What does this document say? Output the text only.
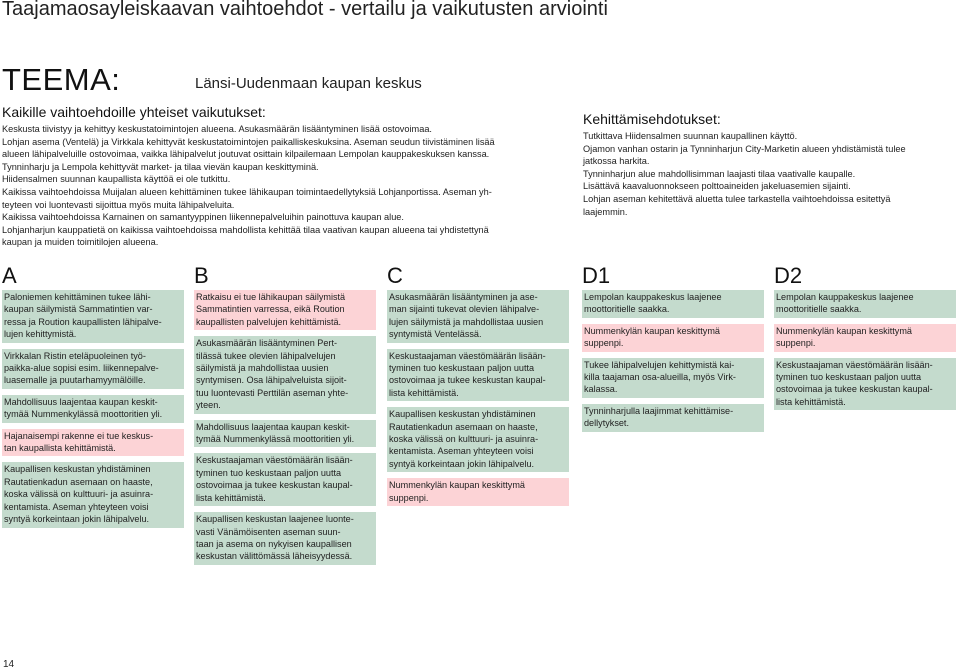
Taajamaosayleiskaavan vaihtoehdot - vertailu ja vaikutusten arviointi
TEEMA:	Länsi-Uudenmaan kaupan keskus
Kaikille vaihtoehdoille yhteiset vaikutukset:
Keskusta tiivistyy ja kehittyy keskustatoimintojen alueena. Asukasmäärän lisääntyminen lisää ostovoimaa.
Lohjan asema (Ventelä) ja Virkkala kehittyvät keskustatoimintojen paikalliskeskuksina. Aseman seudun tiivistäminen lisää
alueen lähipalveluille ostovoimaa, vaikka lähipalvelut joutuvat osittain kilpailemaan Lempolan kauppakeskuksen kanssa.
Tynninharju ja Lempola kehittyvät market- ja tilaa vievän kaupan keskittyminä.
Hiidensalmen suunnan kaupallista käyttöä ei ole tutkittu.
Kaikissa vaihtoehdoissa Muijalan alueen kehittäminen tukee lähikaupan toimintaedellytyksiä Lohjanportissa. Aseman yh-
teyteen voi luontevasti sijoittua myös muita lähipalveluita.
Kaikissa vaihtoehdoissa Karnainen on samantyyppinen liikennepalveluihin painottuva kaupan alue.
Lohjanharjun kauppatietä on kaikissa vaihtoehdoissa mahdollista kehittää tilaa vaativan kaupan alueena tai yhdistettynä
kaupan ja muiden toimitilojen alueena.
Kehittämisehdotukset:
Tutkittava Hiidensalmen suunnan kaupallinen käyttö.
Ojamon vanhan ostarin ja Tynninharjun City-Marketin alueen yhdistämistä tulee
jatkossa harkita.
Tynninharjun alue mahdollisimman laajasti tilaa vaativalle kaupalle.
Lisättävä kaavaluonnokseen polttoaineiden jakeluasemien sijainti.
Lohjan aseman kehitettävä aluetta tulee tarkastella vaihtoehdoissa esitettyä
laajemmin.
A
Paloniemen kehittäminen tukee lähi-
kaupan säilymistä Sammatintien var-
ressa ja Roution kaupallisten lähipalve-
lujen kehittymistä.
Virkkalan Ristin eteläpuoleinen työ-
paikka-alue sopisi esim. liikennepalve-
luasemalle ja puutarhamyymälöille.
Mahdollisuus laajentaa kaupan keskit-
tymää Nummenkylässä moottoritien yli.
Hajanaisempi rakenne ei tue keskus-
tan kaupallista kehittämistä.
Kaupallisen keskustan yhdistäminen
Rautatienkadun asemaan on haaste,
koska välissä on kulttuuri- ja asuinra-
kentamista. Aseman yhteyteen voisi
syntyä korkeintaan jokin lähipalvelu.
B
Ratkaisu ei tue lähikaupan säilymistä
Sammatintien varressa, eikä Roution
kaupallisten palvelujen kehittämistä.
Asukasmäärän lisääntyminen Pert-
tilässä tukee olevien lähipalvelujen
säilymistä ja mahdollistaa uusien
syntymisen. Osa lähipalveluista sijoit-
tuu luontevasti Perttilän aseman yhte-
yteen.
Mahdollisuus laajentaa kaupan keskit-
tymää Nummenkylässä moottoritien yli.
Keskustaajaman väestömäärän lisään-
tyminen tuo keskustaan paljon uutta
ostovoimaa ja tukee keskustan kaupal-
lista kehittämistä.
Kaupallisen keskustan laajenee luonte-
vasti Vänämöisenten aseman suun-
taan ja asema on nykyisen kaupallisen
keskustan välittömässä läheisyydessä.
C
Asukasmäärän lisääntyminen ja ase-
man sijainti tukevat olevien lähipalve-
lujen säilymistä ja mahdollistaa uusien
syntymistä Ventelässä.
Keskustaajaman väestömäärän lisään-
tyminen tuo keskustaan paljon uutta
ostovoimaa ja tukee keskustan kaupal-
lista kehittämistä.
Kaupallisen keskustan yhdistäminen
Rautatienkadun asemaan on haaste,
koska välissä on kulttuuri- ja asuinra-
kentamista. Aseman yhteyteen voisi
syntyä korkeintaan jokin lähipalvelu.
Nummenkylän kaupan keskittymä
suppenpi.
D1
Lempolan kauppakeskus laajenee
moottoritielle saakka.
Nummenkylän kaupan keskittymä
suppenpi.
Tukee lähipalvelujen kehittymistä kai-
killa taajaman osa-alueilla, myös Virk-
kalassa.
Tynninharjulla laajimmat kehittämise-
dellytykset.
D2
Lempolan kauppakeskus laajenee
moottoritielle saakka.
Nummenkylän kaupan keskittymä
suppenpi.
Keskustaajaman väestömäärän lisään-
tyminen tuo keskustaan paljon uutta
ostovoimaa ja tukee keskustan kaupal-
lista kehittämistä.
14
